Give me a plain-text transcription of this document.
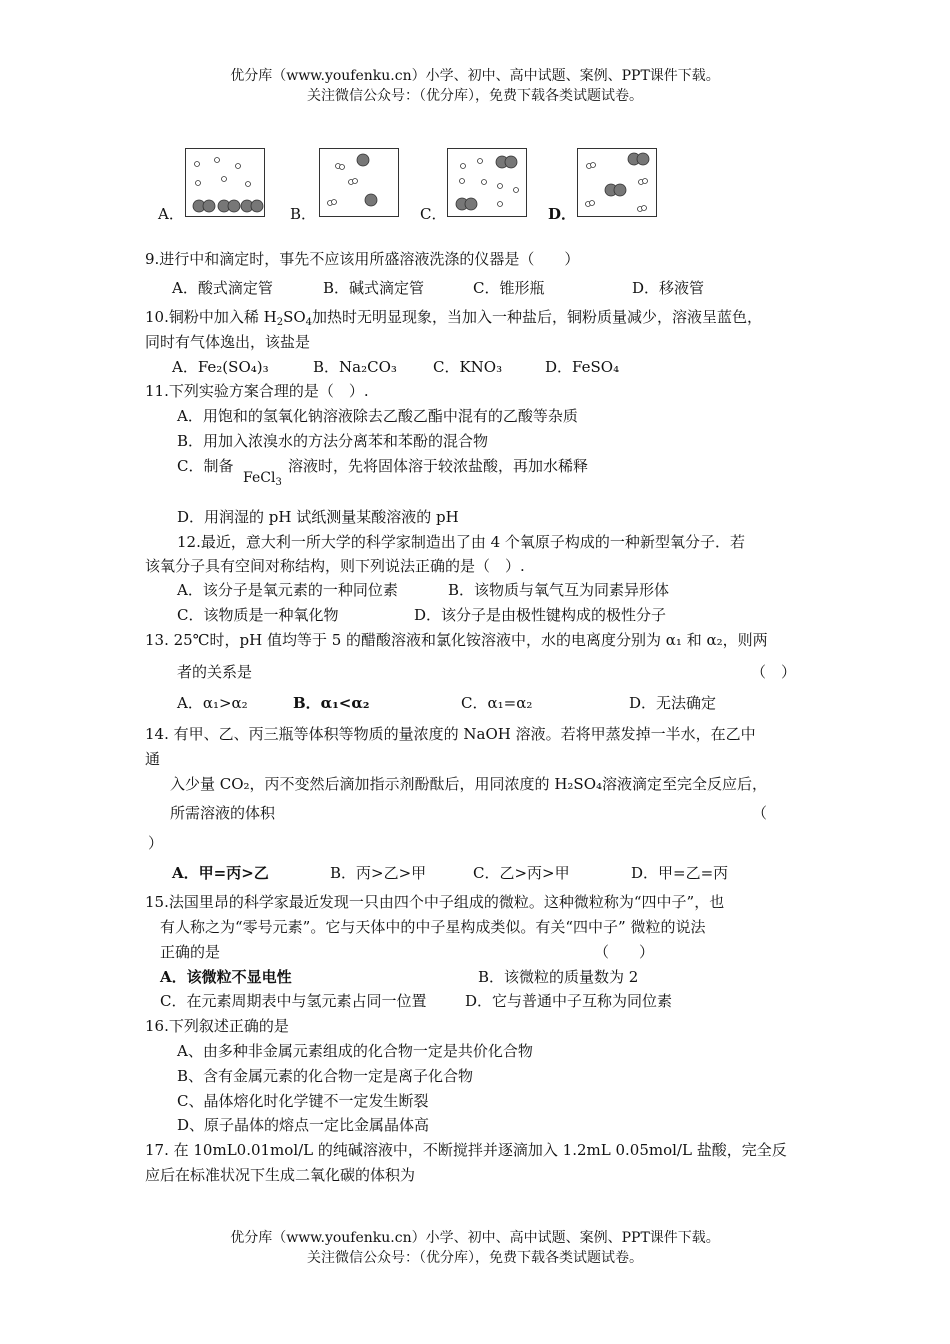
优分库（www.youfenku.cn）小学、初中、高中试题、案例、PPT课件下载。
关注微信公众号：（优分库），免费下载各类试题试卷。
A．	B．	C．	D．
9.进行中和滴定时，事先不应该用所盛溶液洗涤的仪器是（　　）
A．酸式滴定管	B．碱式滴定管	C．锥形瓶	D．移液管
10.铜粉中加入稀 $H_2SO_4$加热时无明显现象，当加入一种盐后，铜粉质量减少，溶液呈蓝色，
同时有气体逸出，该盐是
A．Fe₂(SO₄)₃	B．Na₂CO₃ C．KNO₃	D．FeSO₄
11.下列实验方案合理的是（　）.
A．用饱和的氢氧化钠溶液除去乙酸乙酯中混有的乙酸等杂质
B．用加入浓溴水的方法分离苯和苯酚的混合物
C．制备
FeCl$_3$
溶液时，先将固体溶于较浓盐酸，再加水稀释
D．用润湿的 pH 试纸测量某酸溶液的 pH
12.最近，意大利一所大学的科学家制造出了由 4 个氧原子构成的一种新型氧分子．若
该氧分子具有空间对称结构，则下列说法正确的是（　）.
A．该分子是氧元素的一种同位素	B．该物质与氧气互为同素异形体
C．该物质是一种氧化物	D．该分子是由极性键构成的极性分子
13. 25℃时，pH 值均等于 5 的醋酸溶液和氯化铵溶液中，水的电离度分别为 α₁ 和 α₂，则两
者的关系是	（　）
A．α₁>α₂	B．α₁<α₂	C．α₁=α₂	D．无法确定
14. 有甲、乙、丙三瓶等体积等物质的量浓度的 NaOH 溶液。若将甲蒸发掉一半水，在乙中
通
入少量 CO₂，丙不变然后滴加指示剂酚酞后，用同浓度的 H₂SO₄溶液滴定至完全反应后，
所需溶液的体积	（
）
A．甲=丙>乙	B．丙>乙>甲	C．乙>丙>甲	D．甲=乙=丙
15.法国里昂的科学家最近发现一只由四个中子组成的微粒。这种微粒称为“四中子”，也
有人称之为“零号元素”。它与天体中的中子星构成类似。有关“四中子” 微粒的说法
正确的是	（　　）
A．该微粒不显电性	B．该微粒的质量数为 2
C．在元素周期表中与氢元素占同一位置	D．它与普通中子互称为同位素
16.下列叙述正确的是
A、由多种非金属元素组成的化合物一定是共价化合物
B、含有金属元素的化合物一定是离子化合物
C、晶体熔化时化学键不一定发生断裂
D、原子晶体的熔点一定比金属晶体高
17. 在 10mL0.01mol/L 的纯碱溶液中，不断搅拌并逐滴加入 1.2mL 0.05mol/L 盐酸，完全反
应后在标准状况下生成二氧化碳的体积为
优分库（www.youfenku.cn）小学、初中、高中试题、案例、PPT课件下载。
关注微信公众号：（优分库），免费下载各类试题试卷。
